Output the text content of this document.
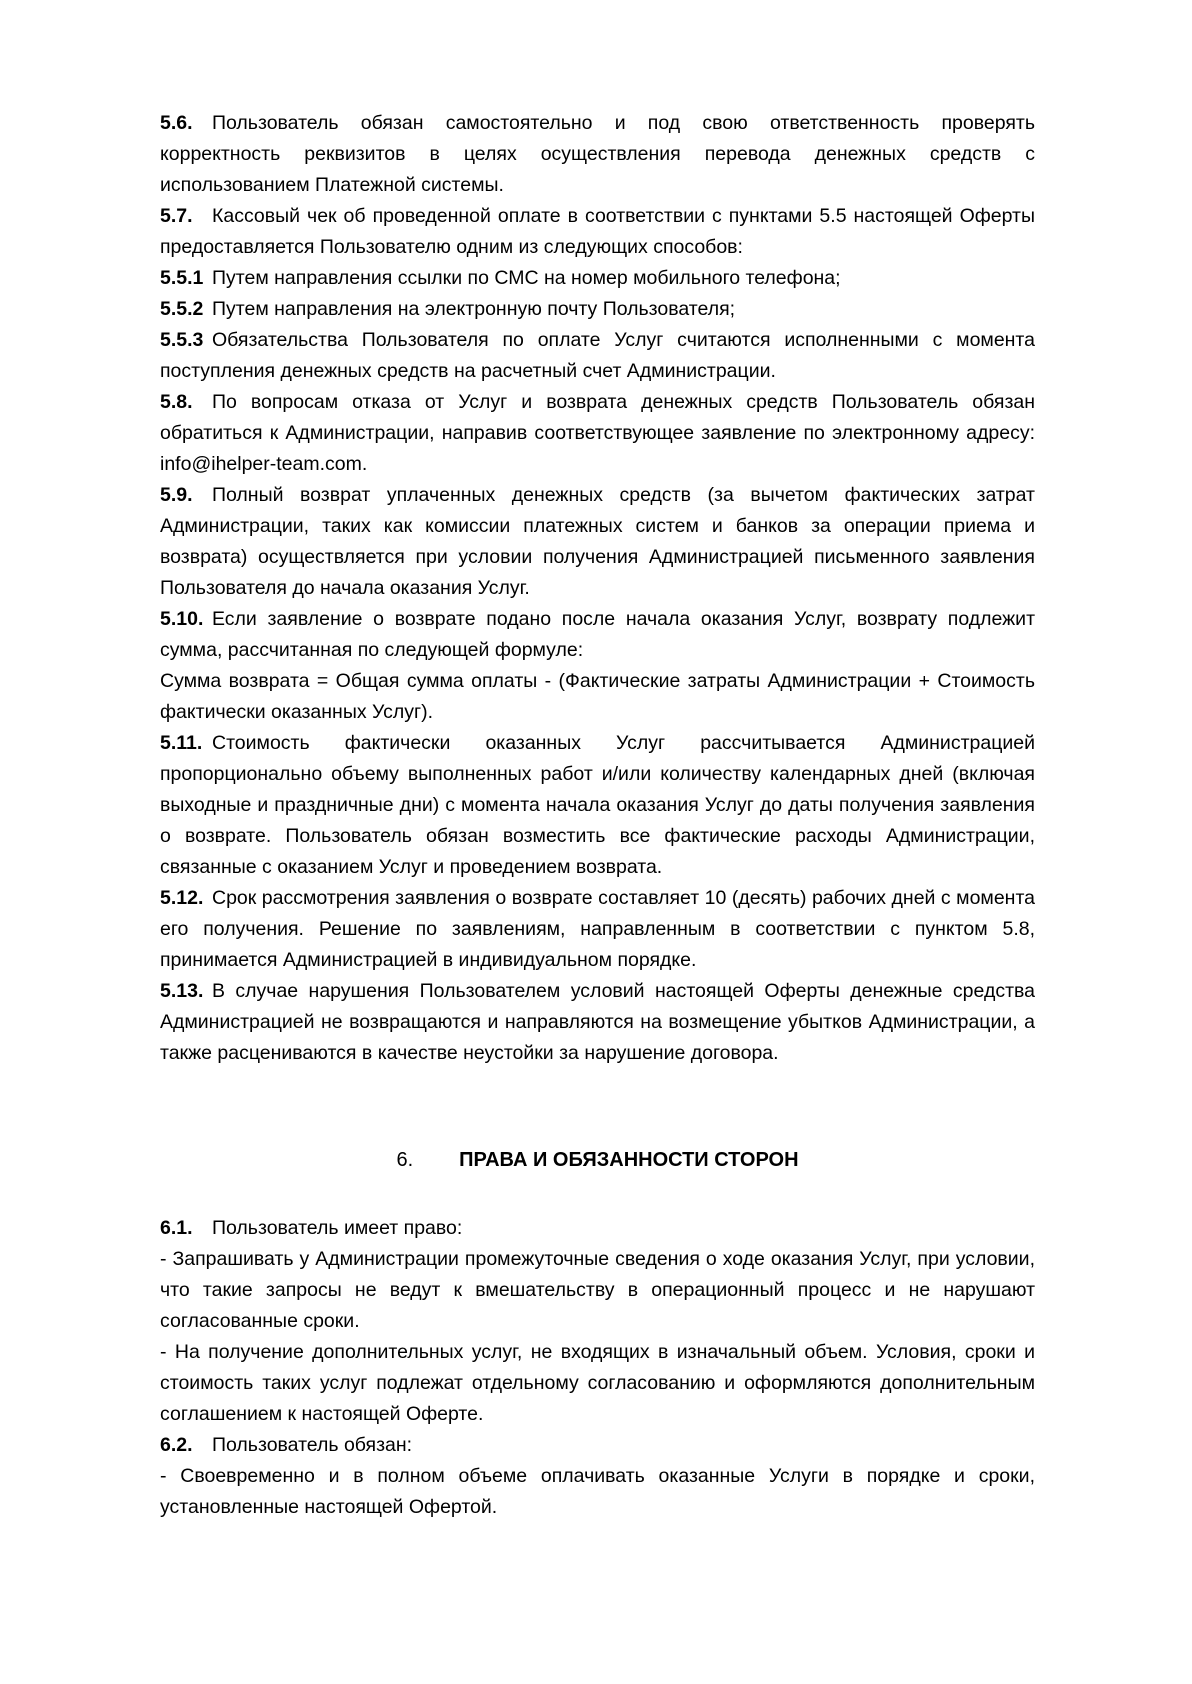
5.6. Пользователь обязан самостоятельно и под свою ответственность проверять корректность реквизитов в целях осуществления перевода денежных средств с использованием Платежной системы.

5.7. Кассовый чек об проведенной оплате в соответствии с пунктами 5.5 настоящей Оферты предоставляется Пользователю одним из следующих способов:

5.5.1 Путем направления ссылки по СМС на номер мобильного телефона;

5.5.2 Путем направления на электронную почту Пользователя;

5.5.3 Обязательства Пользователя по оплате Услуг считаются исполненными с момента поступления денежных средств на расчетный счет Администрации.

5.8. По вопросам отказа от Услуг и возврата денежных средств Пользователь обязан обратиться к Администрации, направив соответствующее заявление по электронному адресу: info@ihelper-team.com.

5.9. Полный возврат уплаченных денежных средств (за вычетом фактических затрат Администрации, таких как комиссии платежных систем и банков за операции приема и возврата) осуществляется при условии получения Администрацией письменного заявления Пользователя до начала оказания Услуг.

5.10. Если заявление о возврате подано после начала оказания Услуг, возврату подлежит сумма, рассчитанная по следующей формуле:

Сумма возврата = Общая сумма оплаты - (Фактические затраты Администрации + Стоимость фактически оказанных Услуг).

5.11. Стоимость фактически оказанных Услуг рассчитывается Администрацией пропорционально объему выполненных работ и/или количеству календарных дней (включая выходные и праздничные дни) с момента начала оказания Услуг до даты получения заявления о возврате. Пользователь обязан возместить все фактические расходы Администрации, связанные с оказанием Услуг и проведением возврата.

5.12. Срок рассмотрения заявления о возврате составляет 10 (десять) рабочих дней с момента его получения. Решение по заявлениям, направленным в соответствии с пунктом 5.8, принимается Администрацией в индивидуальном порядке.

5.13. В случае нарушения Пользователем условий настоящей Оферты денежные средства Администрацией не возвращаются и направляются на возмещение убытков Администрации, а также расцениваются в качестве неустойки за нарушение договора.

6. ПРАВА И ОБЯЗАННОСТИ СТОРОН

6.1. Пользователь имеет право:

- Запрашивать у Администрации промежуточные сведения о ходе оказания Услуг, при условии, что такие запросы не ведут к вмешательству в операционный процесс и не нарушают согласованные сроки.

- На получение дополнительных услуг, не входящих в изначальный объем. Условия, сроки и стоимость таких услуг подлежат отдельному согласованию и оформляются дополнительным соглашением к настоящей Оферте.

6.2. Пользователь обязан:

- Своевременно и в полном объеме оплачивать оказанные Услуги в порядке и сроки, установленные настоящей Офертой.
